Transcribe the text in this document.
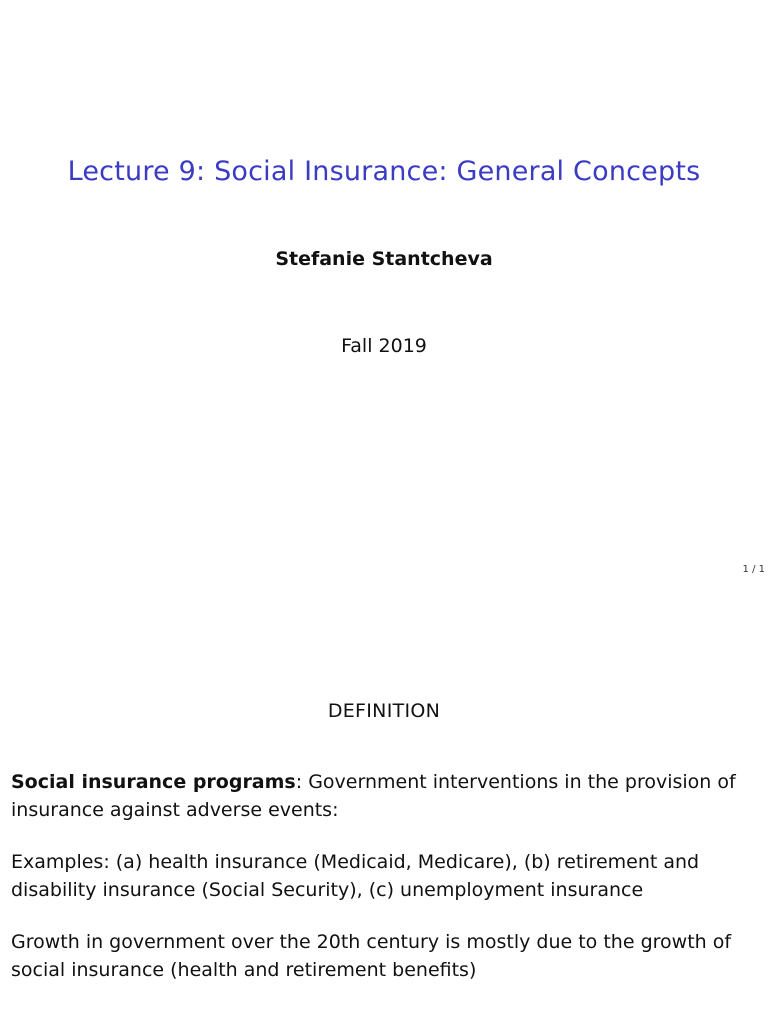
Lecture 9: Social Insurance: General Concepts
Stefanie Stantcheva
Fall 2019
1 / 1
DEFINITION

Social insurance programs: Government interventions in the provision of insurance against adverse events:

Examples: (a) health insurance (Medicaid, Medicare), (b) retirement and disability insurance (Social Security), (c) unemployment insurance

Growth in government over the 20th century is mostly due to the growth of social insurance (health and retirement benefits)
